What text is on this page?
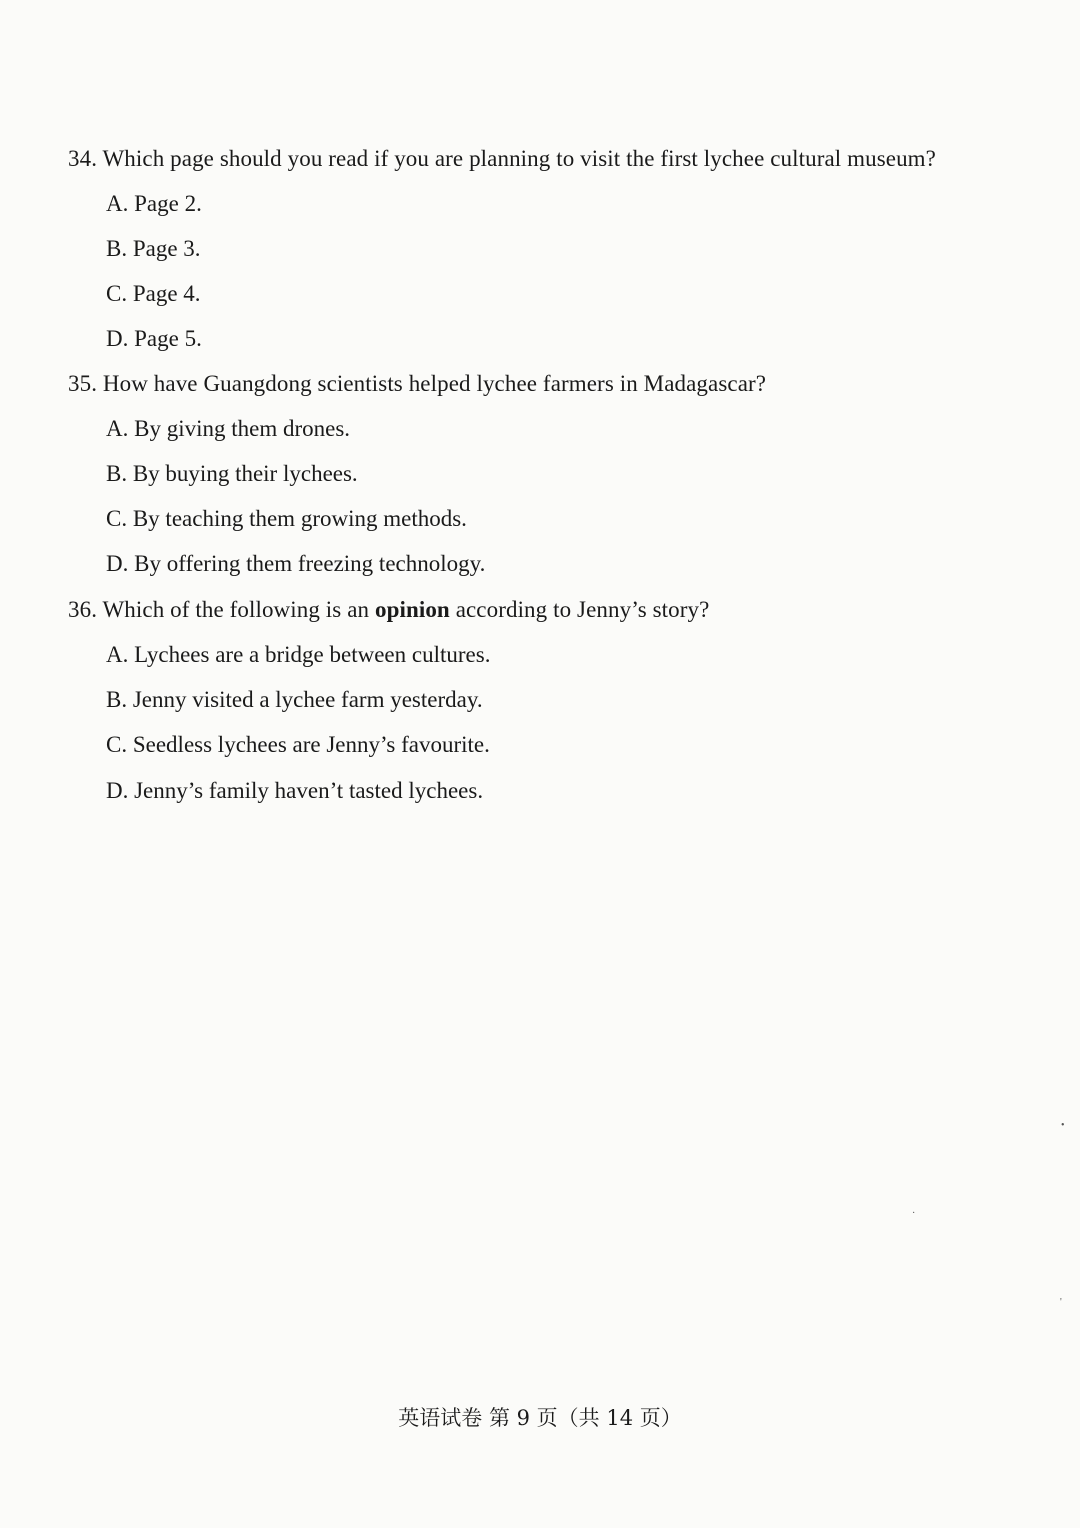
34. Which page should you read if you are planning to visit the first lychee cultural museum?
A. Page 2.
B. Page 3.
C. Page 4.
D. Page 5.
35. How have Guangdong scientists helped lychee farmers in Madagascar?
A. By giving them drones.
B. By buying their lychees.
C. By teaching them growing methods.
D. By offering them freezing technology.
36. Which of the following is an opinion according to Jenny’s story?
A. Lychees are a bridge between cultures.
B. Jenny visited a lychee farm yesterday.
C. Seedless lychees are Jenny’s favourite.
D. Jenny’s family haven’t tasted lychees.
•
·
'
英语试卷 第 9 页（共 14 页）
